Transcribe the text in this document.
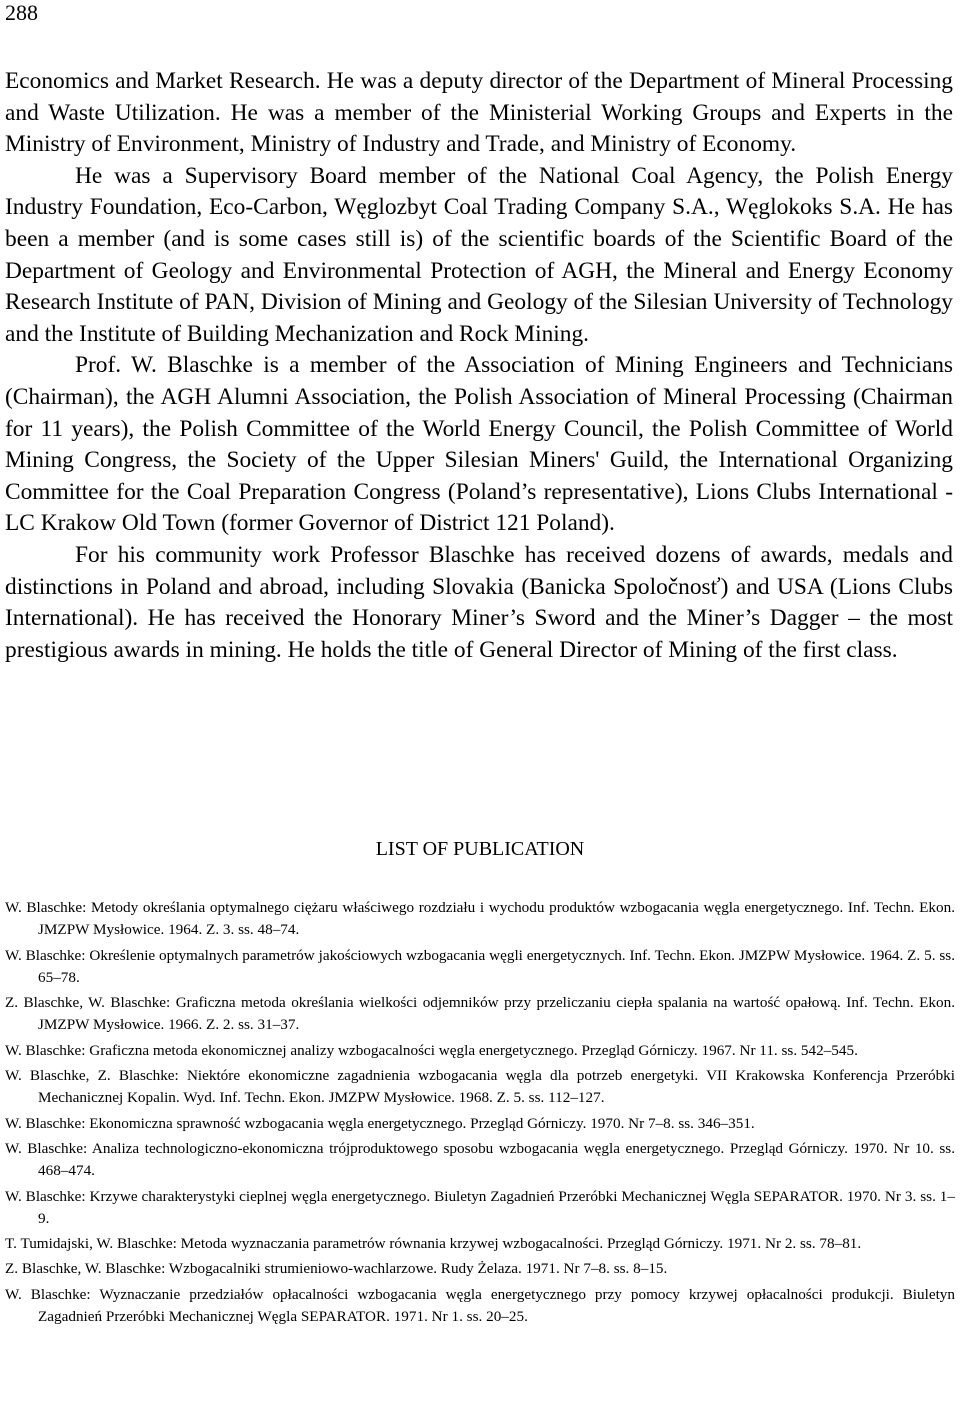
288

Economics and Market Research. He was a deputy director of the Department of Mineral Processing and Waste Utilization. He was a member of the Ministerial Working Groups and Experts in the Ministry of Environment, Ministry of Industry and Trade, and Ministry of Economy.

He was a Supervisory Board member of the National Coal Agency, the Polish Energy Industry Foundation, Eco-Carbon, Węglozbyt Coal Trading Company S.A., Węglokoks S.A. He has been a member (and is some cases still is) of the scientific boards of the Scientific Board of the Department of Geology and Environmental Protection of AGH, the Mineral and Energy Economy Research Institute of PAN, Division of Mining and Geology of the Silesian University of Technology and the Institute of Building Mechanization and Rock Mining.

Prof. W. Blaschke is a member of the Association of Mining Engineers and Technicians (Chairman), the AGH Alumni Association, the Polish Association of Mineral Processing (Chairman for 11 years), the Polish Committee of the World Energy Council, the Polish Committee of World Mining Congress, the Society of the Upper Silesian Miners' Guild, the International Organizing Committee for the Coal Preparation Congress (Poland’s representative), Lions Clubs International - LC Krakow Old Town (former Governor of District 121 Poland).

For his community work Professor Blaschke has received dozens of awards, medals and distinctions in Poland and abroad, including Slovakia (Banicka Spoločnosť) and USA (Lions Clubs International). He has received the Honorary Miner’s Sword and the Miner’s Dagger – the most prestigious awards in mining. He holds the title of General Director of Mining of the first class.

LIST OF PUBLICATION
W. Blaschke: Metody określania optymalnego ciężaru właściwego rozdziału i wychodu produktów wzbogacania węgla energetycznego. Inf. Techn. Ekon. JMZPW Mysłowice. 1964. Z. 3. ss. 48–74.
W. Blaschke: Określenie optymalnych parametrów jakościowych wzbogacania węgli energetycznych. Inf. Techn. Ekon. JMZPW Mysłowice. 1964. Z. 5. ss. 65–78.
Z. Blaschke, W. Blaschke: Graficzna metoda określania wielkości odjemników przy przeliczaniu ciepła spalania na wartość opałową. Inf. Techn. Ekon. JMZPW Mysłowice. 1966. Z. 2. ss. 31–37.
W. Blaschke: Graficzna metoda ekonomicznej analizy wzbogacalności węgla energetycznego. Przegląd Górniczy. 1967. Nr 11. ss. 542–545.
W. Blaschke, Z. Blaschke: Niektóre ekonomiczne zagadnienia wzbogacania węgla dla potrzeb energetyki. VII Krakowska Konferencja Przeróbki Mechanicznej Kopalin. Wyd. Inf. Techn. Ekon. JMZPW Mysłowice. 1968. Z. 5. ss. 112–127.
W. Blaschke: Ekonomiczna sprawność wzbogacania węgla energetycznego. Przegląd Górniczy. 1970. Nr 7–8. ss. 346–351.
W. Blaschke: Analiza technologiczno-ekonomiczna trójproduktowego sposobu wzbogacania węgla energetycznego. Przegląd Górniczy. 1970. Nr 10. ss. 468–474.
W. Blaschke: Krzywe charakterystyki cieplnej węgla energetycznego. Biuletyn Zagadnień Przeróbki Mechanicznej Węgla SEPARATOR. 1970. Nr 3. ss. 1–9.
T. Tumidajski, W. Blaschke: Metoda wyznaczania parametrów równania krzywej wzbogacalności. Przegląd Górniczy. 1971. Nr 2. ss. 78–81.
Z. Blaschke, W. Blaschke: Wzbogacalniki strumieniowo-wachlarzowe. Rudy Żelaza. 1971. Nr 7–8. ss. 8–15.
W. Blaschke: Wyznaczanie przedziałów opłacalności wzbogacania węgla energetycznego przy pomocy krzywej opłacalności produkcji. Biuletyn Zagadnień Przeróbki Mechanicznej Węgla SEPARATOR. 1971. Nr 1. ss. 20–25.
